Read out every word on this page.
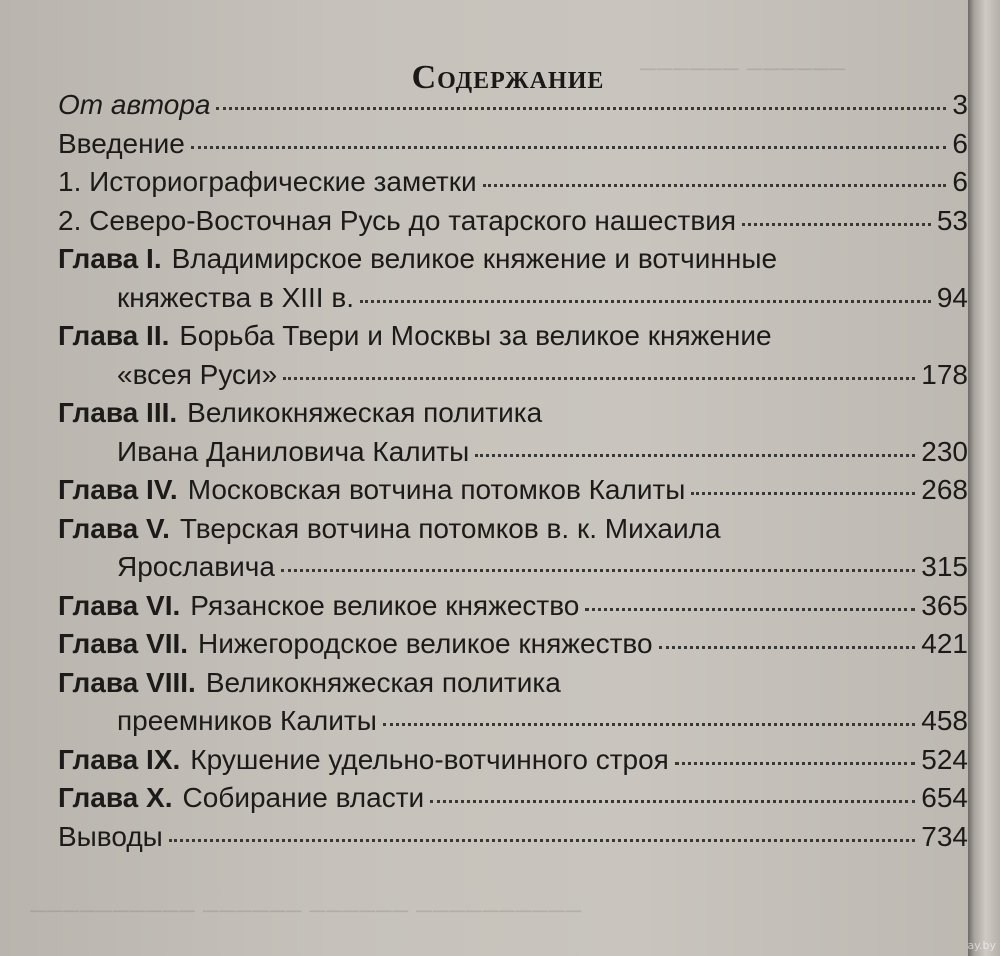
────── ──────
────────── ────── ────── ──────────
Содержание
От автора	3
Введение	6
1. Историографические заметки	6
2. Северо-Восточная Русь до татарского нашествия	53
Глава I. Владимирское великое княжение и вотчинные
княжества в XIII в.	94
Глава II. Борьба Твери и Москвы за великое княжение
«всея Руси»	178
Глава III. Великокняжеская политика
Ивана Даниловича Калиты	230
Глава IV. Московская вотчина потомков Калиты	268
Глава V. Тверская вотчина потомков в. к. Михаила
Ярославича	315
Глава VI. Рязанское великое княжество	365
Глава VII. Нижегородское великое княжество	421
Глава VIII. Великокняжеская политика
преемников Калиты	458
Глава IX. Крушение удельно-вотчинного строя	524
Глава X. Собирание власти	654
Выводы	734
ay.by
